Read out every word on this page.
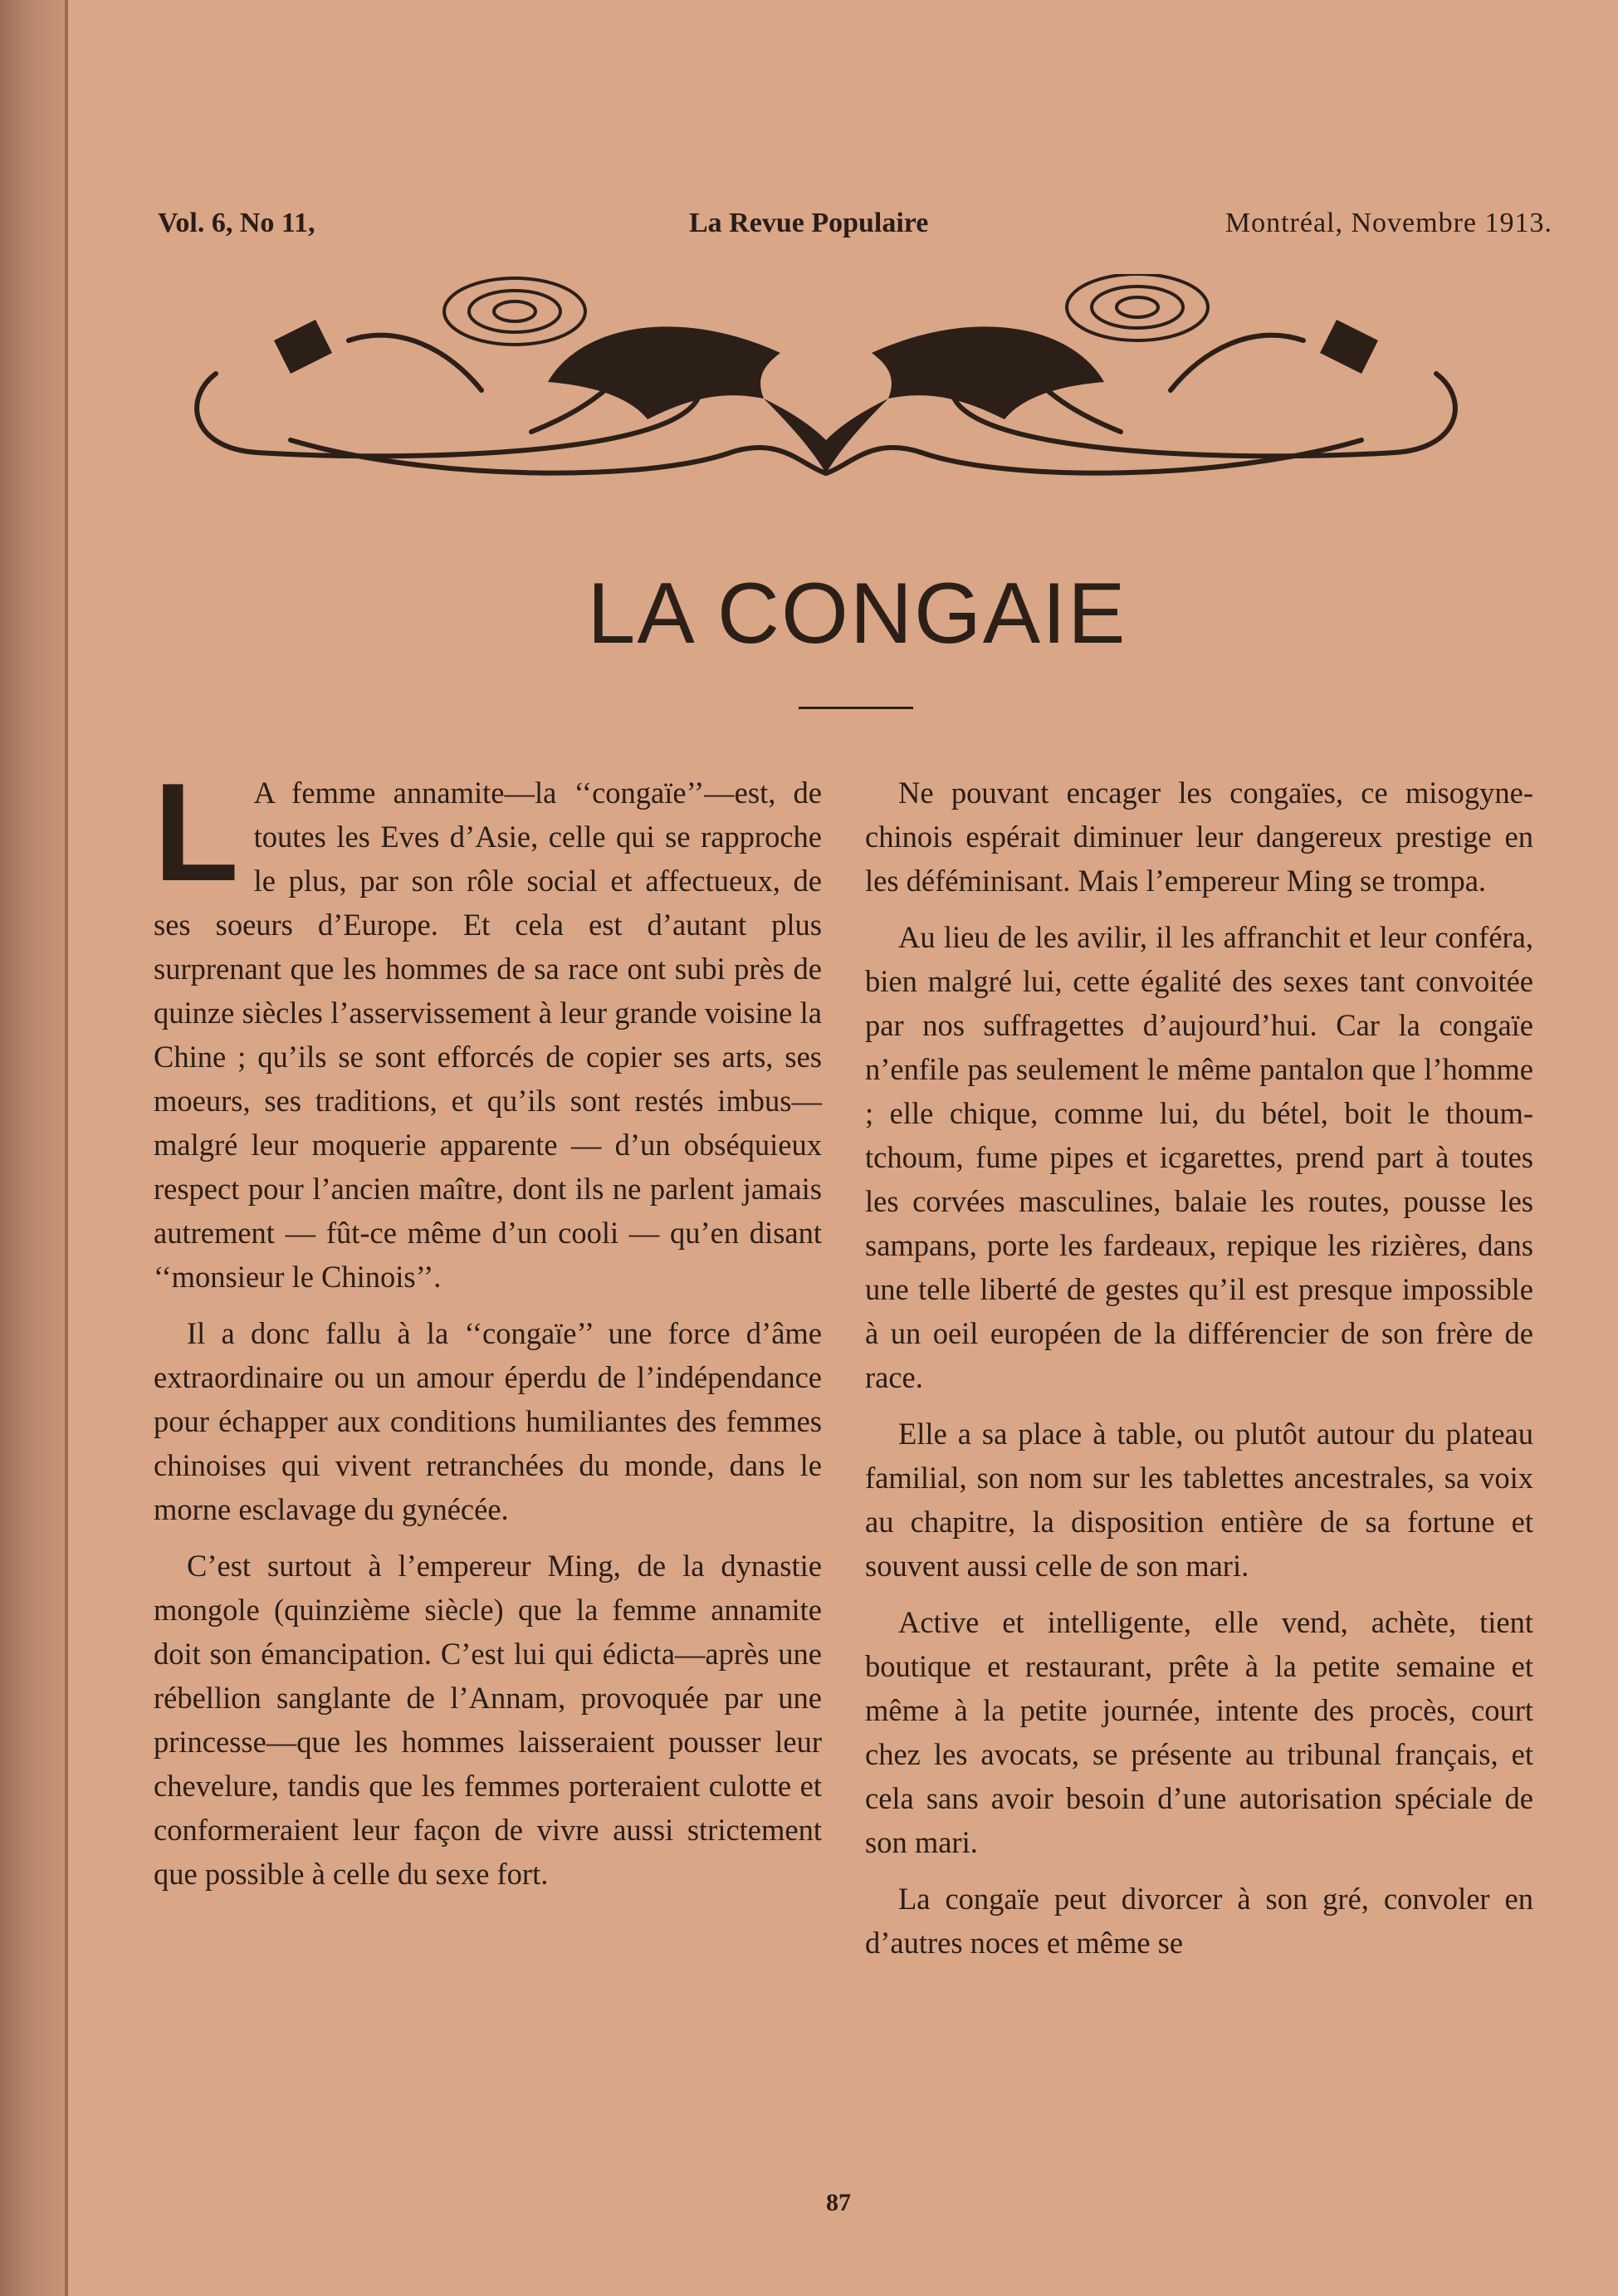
Vol. 6, No 11,	La Revue Populaire	Montréal, Novembre 1913.
LA CONGAIE

L A femme annamite—la ‘‘congaïe’’—est, de toutes les Eves d’Asie, celle qui se rapproche le plus, par son rôle social et affectueux, de ses soeurs d’Europe. Et cela est d’autant plus surprenant que les hommes de sa race ont subi près de quinze siècles l’asservissement à leur grande voisine la Chine ; qu’ils se sont efforcés de copier ses arts, ses moeurs, ses traditions, et qu’ils sont restés imbus—malgré leur moquerie apparente — d’un obséquieux respect pour l’ancien maître, dont ils ne parlent jamais autrement — fût-ce même d’un cooli — qu’en disant ‘‘monsieur le Chinois’’.

Il a donc fallu à la ‘‘congaïe’’ une force d’âme extraordinaire ou un amour éperdu de l’indépendance pour échapper aux conditions humiliantes des femmes chinoises qui vivent retranchées du monde, dans le morne esclavage du gynécée.

C’est surtout à l’empereur Ming, de la dynastie mongole (quinzième siècle) que la femme annamite doit son émancipation. C’est lui qui édicta—après une rébellion sanglante de l’Annam, provoquée par une princesse—que les hommes laisseraient pousser leur chevelure, tandis que les femmes porteraient culotte et conformeraient leur façon de vivre aussi strictement que possible à celle du sexe fort.

Ne pouvant encager les congaïes, ce misogyne-chinois espérait diminuer leur dangereux prestige en les déféminisant. Mais l’empereur Ming se trompa.

Au lieu de les avilir, il les affranchit et leur conféra, bien malgré lui, cette égalité des sexes tant convoitée par nos suffragettes d’aujourd’hui. Car la congaïe n’enfile pas seulement le même pantalon que l’homme ; elle chique, comme lui, du bétel, boit le thoum-tchoum, fume pipes et icgarettes, prend part à toutes les corvées masculines, balaie les routes, pousse les sampans, porte les fardeaux, repique les rizières, dans une telle liberté de gestes qu’il est presque impossible à un oeil européen de la différencier de son frère de race.

Elle a sa place à table, ou plutôt autour du plateau familial, son nom sur les tablettes ancestrales, sa voix au chapitre, la disposition entière de sa fortune et souvent aussi celle de son mari.

Active et intelligente, elle vend, achète, tient boutique et restaurant, prête à la petite semaine et même à la petite journée, intente des procès, court chez les avocats, se présente au tribunal français, et cela sans avoir besoin d’une autorisation spéciale de son mari.

La congaïe peut divorcer à son gré, convoler en d’autres noces et même se

87
